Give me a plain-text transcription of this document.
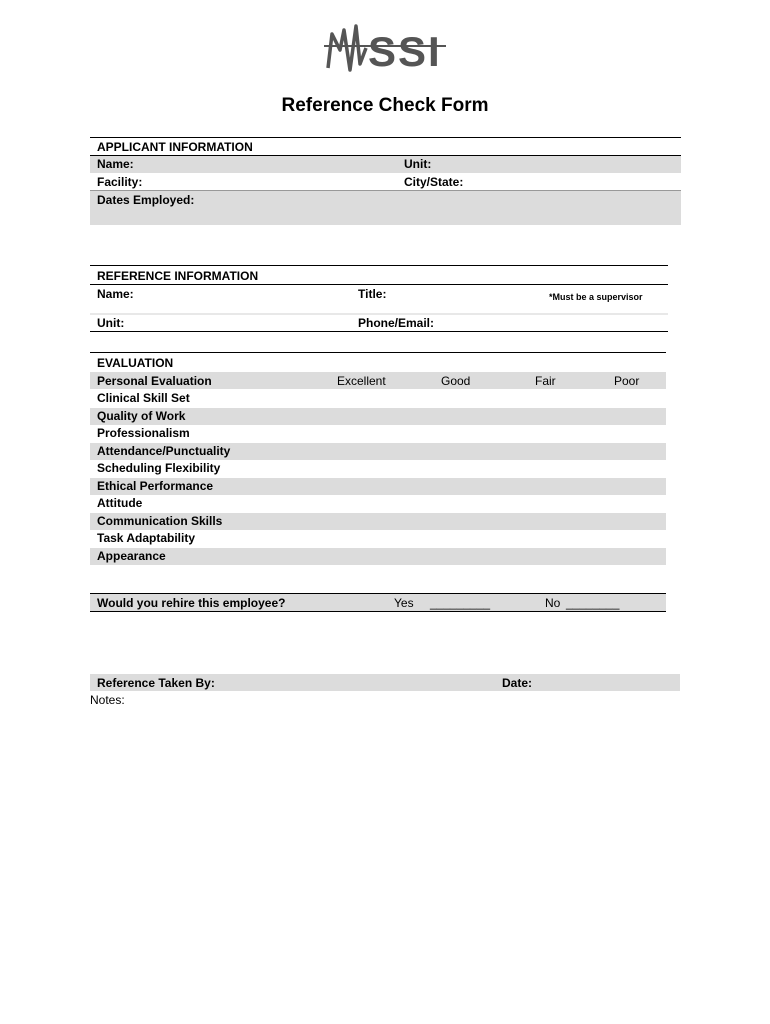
SSI
Reference Check Form
APPLICANT INFORMATION
Name:	Unit:
Facility:	City/State:
Dates Employed:
REFERENCE INFORMATION
Name:	Title:	*Must be a supervisor
Unit:	Phone/Email:
EVALUATION
Personal Evaluation	Excellent	Good	Fair	Poor
Clinical Skill Set
Quality of Work
Professionalism
Attendance/Punctuality
Scheduling Flexibility
Ethical Performance
Attitude
Communication Skills
Task Adaptability
Appearance
Would you rehire this employee?	Yes _________	No ________
Reference Taken By:	Date:
Notes:
